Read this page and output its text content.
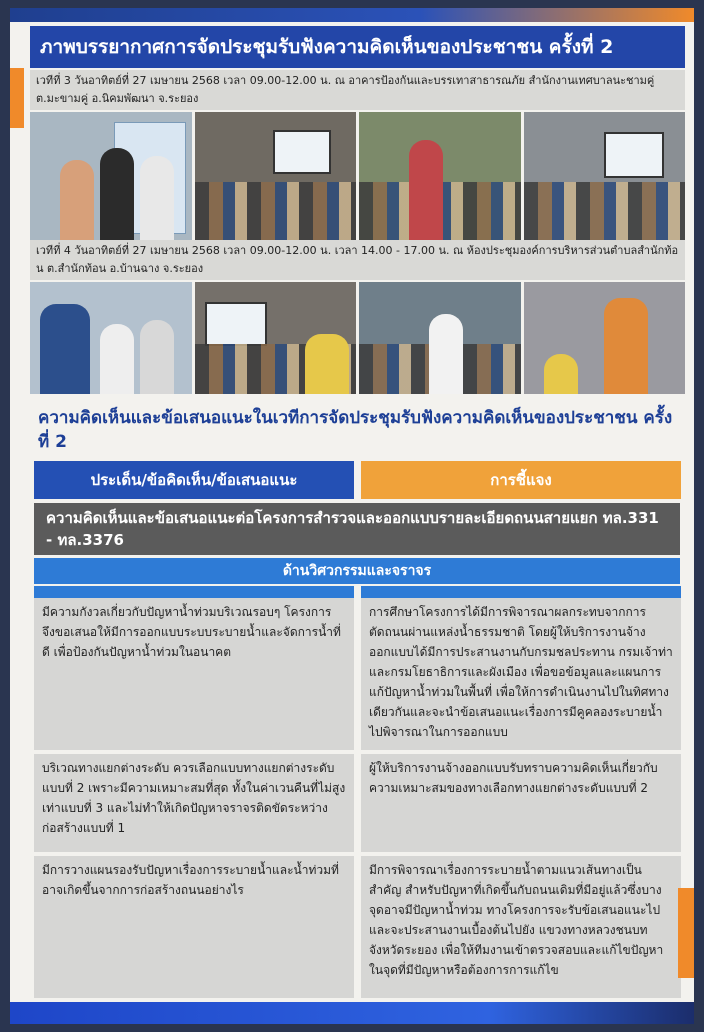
ภาพบรรยากาศการจัดประชุมรับฟังความคิดเห็นของประชาชน ครั้งที่ 2
เวทีที่ 3 วันอาทิตย์ที่ 27 เมษายน 2568 เวลา 09.00-12.00 น. ณ อาคารป้องกันและบรรเทาสาธารณภัย สำนักงานเทศบาลนะชามคู่ ต.มะขามคู่ อ.นิคมพัฒนา จ.ระยอง
เวทีที่ 4 วันอาทิตย์ที่ 27 เมษายน 2568 เวลา 09.00-12.00 น. เวลา 14.00 - 17.00 น. ณ ห้องประชุมองค์การบริหารส่วนตำบลสำนักท้อน ต.สำนักท้อน อ.บ้านฉาง จ.ระยอง
ความคิดเห็นและข้อเสนอแนะในเวทีการจัดประชุมรับฟังความคิดเห็นของประชาชน ครั้งที่ 2
ประเด็น/ข้อคิดเห็น/ข้อเสนอแนะ	การชี้แจง
ความคิดเห็นและข้อเสนอแนะต่อโครงการสำรวจและออกแบบรายละเอียดถนนสายแยก ทล.331 - ทล.3376
ด้านวิศวกรรมและจราจร
มีความกังวลเกี่ยวกับปัญหาน้ำท่วมบริเวณรอบๆ โครงการ จึงขอเสนอให้มีการออกแบบระบบระบายน้ำและจัดการน้ำที่ดี เพื่อป้องกันปัญหาน้ำท่วมในอนาคต
การศึกษาโครงการได้มีการพิจารณาผลกระทบจากการตัดถนนผ่านแหล่งน้ำธรรมชาติ โดยผู้ให้บริการงานจ้างออกแบบได้มีการประสานงานกับกรมชลประทาน กรมเจ้าท่า และกรมโยธาธิการและผังเมือง เพื่อขอข้อมูลและแผนการแก้ปัญหาน้ำท่วมในพื้นที่ เพื่อให้การดำเนินงานไปในทิศทางเดียวกันและจะนำข้อเสนอแนะเรื่องการมีคูคลองระบายน้ำไปพิจารณาในการออกแบบ
บริเวณทางแยกต่างระดับ ควรเลือกแบบทางแยกต่างระดับแบบที่ 2 เพราะมีความเหมาะสมที่สุด ทั้งในค่าเวนคืนที่ไม่สูงเท่าแบบที่ 3 และไม่ทำให้เกิดปัญหาจราจรติดขัดระหว่างก่อสร้างแบบที่ 1
ผู้ให้บริการงานจ้างออกแบบรับทราบความคิดเห็นเกี่ยวกับความเหมาะสมของทางเลือกทางแยกต่างระดับแบบที่ 2
มีการวางแผนรองรับปัญหาเรื่องการระบายน้ำและน้ำท่วมที่อาจเกิดขึ้นจากการก่อสร้างถนนอย่างไร
มีการพิจารณาเรื่องการระบายน้ำตามแนวเส้นทางเป็นสำคัญ สำหรับปัญหาที่เกิดขึ้นกับถนนเดิมที่มีอยู่แล้วซึ่งบางจุดอาจมีปัญหาน้ำท่วม ทางโครงการจะรับข้อเสนอแนะไป และจะประสานงานเบื้องต้นไปยัง แขวงทางหลวงชนบทจังหวัดระยอง เพื่อให้ทีมงานเข้าตรวจสอบและแก้ไขปัญหาในจุดที่มีปัญหาหรือต้องการการแก้ไข
